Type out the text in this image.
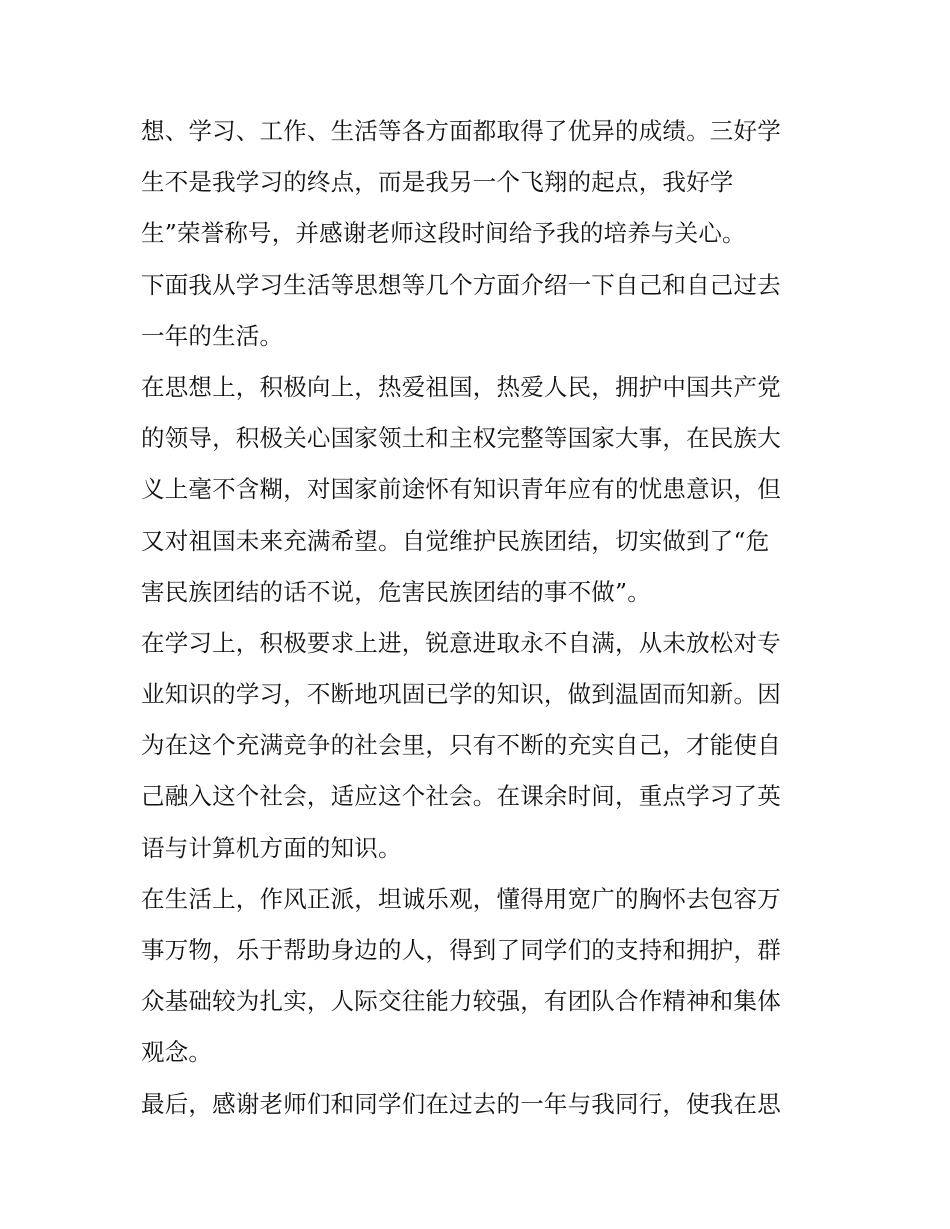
想、学习、工作、生活等各方面都取得了优异的成绩。三好学
生不是我学习的终点，而是我另一个飞翔的起点，我好学
生”荣誉称号，并感谢老师这段时间给予我的培养与关心。
下面我从学习生活等思想等几个方面介绍一下自己和自己过去
一年的生活。
在思想上，积极向上，热爱祖国，热爱人民，拥护中国共产党
的领导，积极关心国家领土和主权完整等国家大事，在民族大
义上毫不含糊，对国家前途怀有知识青年应有的忧患意识，但
又对祖国未来充满希望。自觉维护民族团结，切实做到了“危
害民族团结的话不说，危害民族团结的事不做”。
在学习上，积极要求上进，锐意进取永不自满，从未放松对专
业知识的学习，不断地巩固已学的知识，做到温固而知新。因
为在这个充满竞争的社会里，只有不断的充实自己，才能使自
己融入这个社会，适应这个社会。在课余时间，重点学习了英
语与计算机方面的知识。
在生活上，作风正派，坦诚乐观，懂得用宽广的胸怀去包容万
事万物，乐于帮助身边的人，得到了同学们的支持和拥护，群
众基础较为扎实，人际交往能力较强，有团队合作精神和集体
观念。
最后，感谢老师们和同学们在过去的一年与我同行，使我在思
